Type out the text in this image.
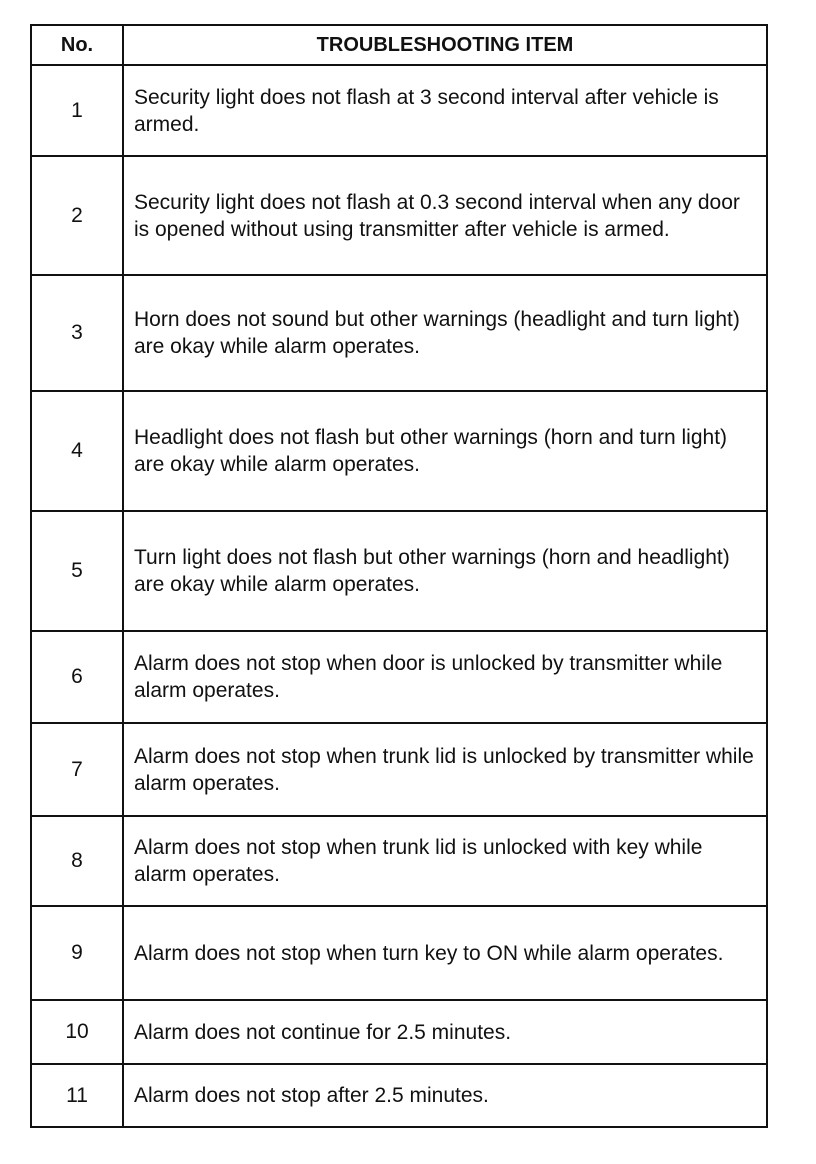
No.	TROUBLESHOOTING ITEM
1	Security light does not flash at 3 second interval after vehicle is armed.
2	Security light does not flash at 0.3 second interval when any door is opened without using transmitter after vehicle is armed.
3	Horn does not sound but other warnings (headlight and turn light) are okay while alarm operates.
4	Headlight does not flash but other warnings (horn and turn light) are okay while alarm operates.
5	Turn light does not flash but other warnings (horn and headlight) are okay while alarm operates.
6	Alarm does not stop when door is unlocked by transmitter while alarm operates.
7	Alarm does not stop when trunk lid is unlocked by transmitter while alarm operates.
8	Alarm does not stop when trunk lid is unlocked with key while alarm operates.
9	Alarm does not stop when turn key to ON while alarm operates.
10	Alarm does not continue for 2.5 minutes.
11	Alarm does not stop after 2.5 minutes.
